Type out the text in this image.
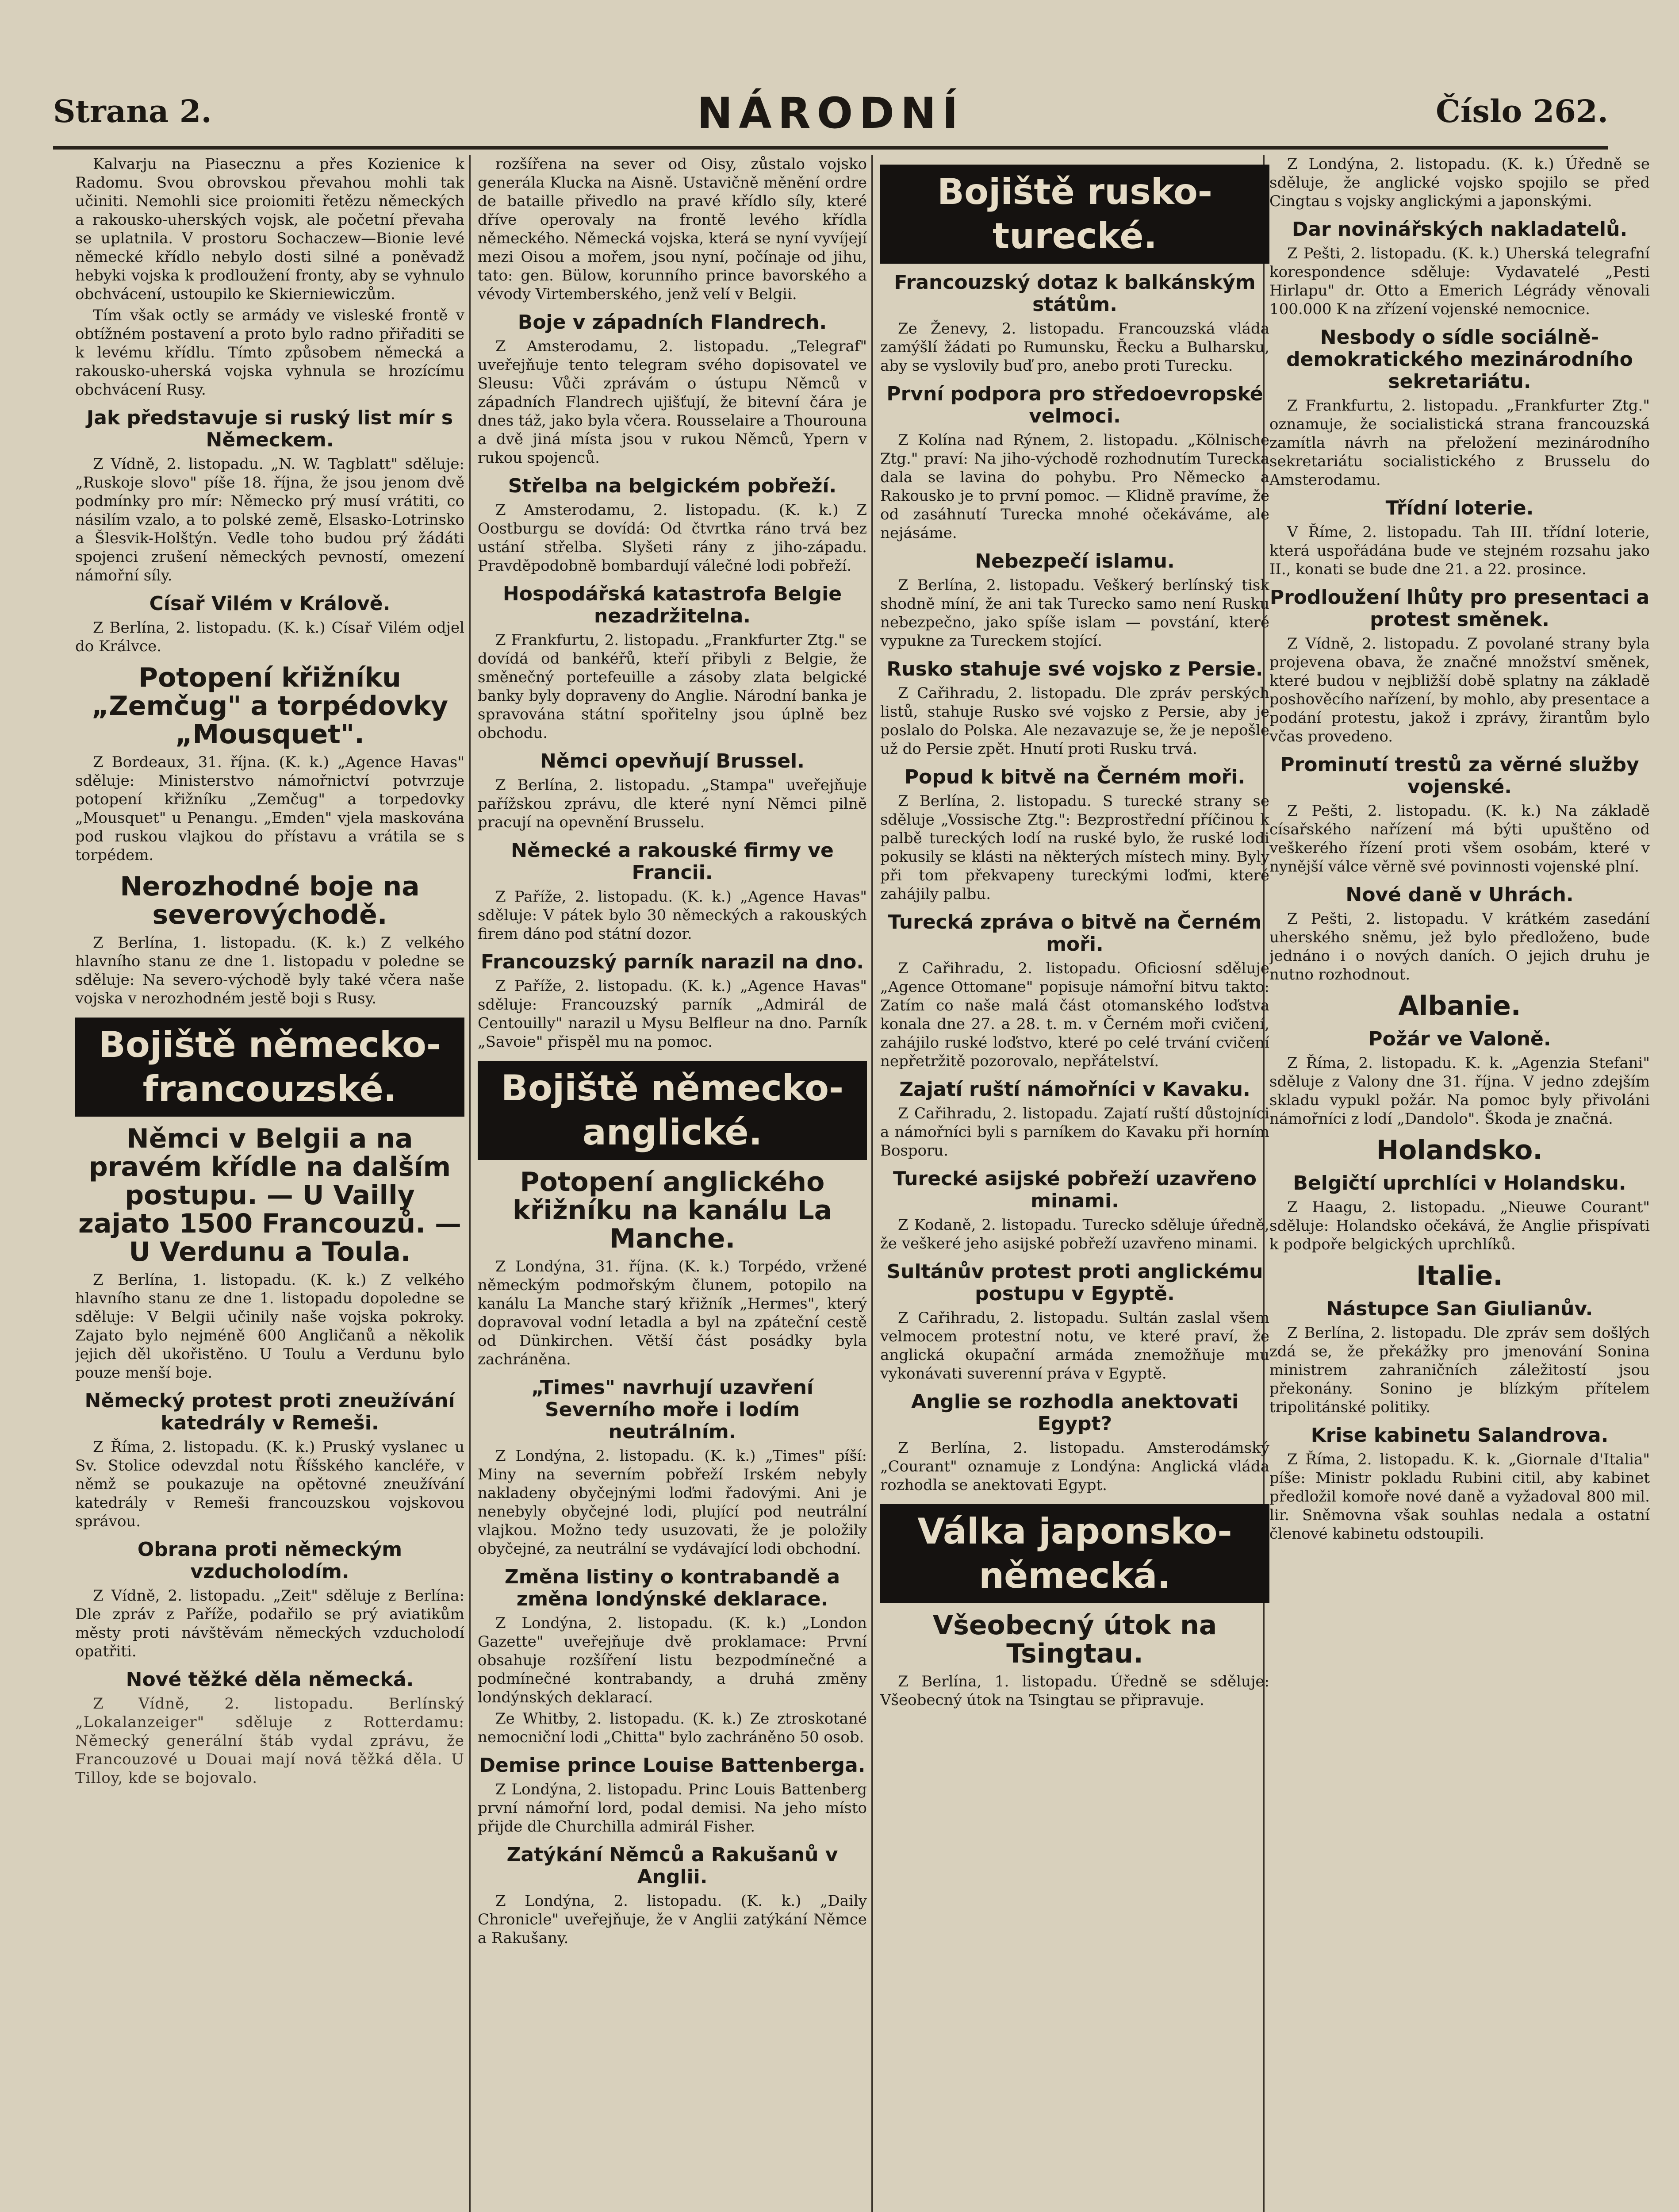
Strana 2.	NÁRODNÍ	Číslo 262.

Kalvarju na Piasecznu a přes Kozienice k Radomu. Svou obrovskou převahou mohli tak učiniti. Nemohli sice proiomiti řetězu německých a rakousko-uherských vojsk, ale početní převaha se uplatnila. V prostoru Sochaczew—Bionie levé německé křídlo nebylo dosti silné a poněvadž hebyki vojska k prodloužení fronty, aby se vyhnulo obchvácení, ustoupilo ke Skierniewiczům.

Tím však octly se armády ve visleské frontě v obtížném postavení a proto bylo radno přiřaditi se k levému křídlu. Tímto způsobem německá a rakousko-uherská vojska vyhnula se hrozícímu obchvácení Rusy.

Jak představuje si ruský list mír s Německem.

Z Vídně, 2. listopadu. „N. W. Tagblatt" sděluje: „Ruskoje slovo" píše 18. října, že jsou jenom dvě podmínky pro mír: Německo prý musí vrátiti, co násilím vzalo, a to polské země, Elsasko-Lotrinsko a Šlesvik-Holštýn. Vedle toho budou prý žádáti spojenci zrušení německých pevností, omezení námořní síly.

Císař Vilém v Králově.

Z Berlína, 2. listopadu. (K. k.) Císař Vilém odjel do Králvce.

Potopení křižníku „Zemčug" a torpédovky „Mousquet".

Z Bordeaux, 31. října. (K. k.) „Agence Havas" sděluje: Ministerstvo námořnictví potvrzuje potopení křižníku „Zemčug" a torpedovky „Mousquet" u Penangu. „Emden" vjela maskována pod ruskou vlajkou do přístavu a vrátila se s torpédem.

Nerozhodné boje na severovýchodě.

Z Berlína, 1. listopadu. (K. k.) Z velkého hlavního stanu ze dne 1. listopadu v poledne se sděluje: Na severo-východě byly také včera naše vojska v nerozhodném jestě boji s Rusy.

Bojiště německo-francouzské.
Němci v Belgii a na pravém křídle na dalším postupu. — U Vailly zajato 1500 Francouzů. — U Verdunu a Toula.

Z Berlína, 1. listopadu. (K. k.) Z velkého hlavního stanu ze dne 1. listopadu dopoledne se sděluje: V Belgii učinily naše vojska pokroky. Zajato bylo nejméně 600 Angličanů a několik jejich děl ukořistěno. U Toulu a Verdunu bylo pouze menší boje.

Německý protest proti zneužívání katedrály v Remeši.

Z Říma, 2. listopadu. (K. k.) Pruský vyslanec u Sv. Stolice odevzdal notu Říšského kancléře, v němž se poukazuje na opětovné zneužívání katedrály v Remeši francouzskou vojskovou správou.

Obrana proti německým vzducholodím.

Z Vídně, 2. listopadu. „Zeit" sděluje z Berlína: Dle zpráv z Paříže, podařilo se prý aviatikům městy proti návštěvám německých vzducholodí opatřiti.

Nové těžké děla německá.

Z Vídně, 2. listopadu. Berlínský „Lokalanzeiger" sděluje z Rotterdamu: Německý generální štáb vydal zprávu, že Francouzové u Douai mají nová těžká děla. U Tilloy, kde se bojovalo.

rozšířena na sever od Oisy, zůstalo vojsko generála Klucka na Aisně. Ustavičně měnění ordre de bataille přivedlo na pravé křídlo síly, které dříve operovaly na frontě levého křídla německého. Německá vojska, která se nyní vyvíjejí mezi Oisou a mořem, jsou nyní, počínaje od jihu, tato: gen. Bülow, korunního prince bavorského a vévody Virtemberského, jenž velí v Belgii.

Boje v západních Flandrech.

Z Amsterodamu, 2. listopadu. „Telegraf" uveřejňuje tento telegram svého dopisovatel ve Sleusu: Vůči zprávám o ústupu Němců v západních Flandrech ujišťují, že bitevní čára je dnes táž, jako byla včera. Rousselaire a Thourouna a dvě jiná místa jsou v rukou Němců, Ypern v rukou spojenců.

Střelba na belgickém pobřeží.

Z Amsterodamu, 2. listopadu. (K. k.) Z Oostburgu se dovídá: Od čtvrtka ráno trvá bez ustání střelba. Slyšeti rány z jiho-západu. Pravděpodobně bombardují válečné lodi pobřeží.

Hospodářská katastrofa Belgie nezadržitelna.

Z Frankfurtu, 2. listopadu. „Frankfurter Ztg." se dovídá od bankéřů, kteří přibyli z Belgie, že směnečný portefeuille a zásoby zlata belgické banky byly dopraveny do Anglie. Národní banka je spravována státní spořitelny jsou úplně bez obchodu.

Němci opevňují Brussel.

Z Berlína, 2. listopadu. „Stampa" uveřejňuje pařížskou zprávu, dle které nyní Němci pilně pracují na opevnění Brusselu.

Německé a rakouské firmy ve Francii.

Z Paříže, 2. listopadu. (K. k.) „Agence Havas" sděluje: V pátek bylo 30 německých a rakouských firem dáno pod státní dozor.

Francouzský parník narazil na dno.

Z Paříže, 2. listopadu. (K. k.) „Agence Havas" sděluje: Francouzský parník „Admirál de Centouilly" narazil u Mysu Belfleur na dno. Parník „Savoie" přispěl mu na pomoc.

Bojiště německo-anglické.
Potopení anglického křižníku na kanálu La Manche.

Z Londýna, 31. října. (K. k.) Torpédo, vržené německým podmořským člunem, potopilo na kanálu La Manche starý křižník „Hermes", který dopravoval vodní letadla a byl na zpáteční cestě od Dünkirchen. Větší část posádky byla zachráněna.

„Times" navrhují uzavření Severního moře i lodím neutrálním.

Z Londýna, 2. listopadu. (K. k.) „Times" píší: Miny na severním pobřeží Irském nebyly nakladeny obyčejnými loďmi řadovými. Ani je nenebyly obyčejné lodi, plující pod neutrální vlajkou. Možno tedy usuzovati, že je položily obyčejné, za neutrální se vydávající lodi obchodní.

Změna listiny o kontrabandě a změna londýnské deklarace.

Z Londýna, 2. listopadu. (K. k.) „London Gazette" uveřejňuje dvě proklamace: První obsahuje rozšíření listu bezpodmínečné a podmínečné kontrabandy, a druhá změny londýnských deklarací.

Ze Whitby, 2. listopadu. (K. k.) Ze ztroskotané nemocniční lodi „Chitta" bylo zachráněno 50 osob.

Demise prince Louise Battenberga.

Z Londýna, 2. listopadu. Princ Louis Battenberg první námořní lord, podal demisi. Na jeho místo přijde dle Churchilla admirál Fisher.

Zatýkání Němců a Rakušanů v Anglii.

Z Londýna, 2. listopadu. (K. k.) „Daily Chronicle" uveřejňuje, že v Anglii zatýkání Němce a Rakušany.

Bojiště rusko-turecké.
Francouzský dotaz k balkánským státům.

Ze Ženevy, 2. listopadu. Francouzská vláda zamýšlí žádati po Rumunsku, Řecku a Bulharsku, aby se vyslovily buď pro, anebo proti Turecku.

První podpora pro středoevropské velmoci.

Z Kolína nad Rýnem, 2. listopadu. „Kölnische Ztg." praví: Na jiho-východě rozhodnutím Turecka dala se lavina do pohybu. Pro Německo a Rakousko je to první pomoc. — Klidně pravíme, že od zasáhnutí Turecka mnohé očekáváme, ale nejásáme.

Nebezpečí islamu.

Z Berlína, 2. listopadu. Veškerý berlínský tisk shodně míní, že ani tak Turecko samo není Rusku nebezpečno, jako spíše islam — povstání, které vypukne za Tureckem stojící.

Rusko stahuje své vojsko z Persie.

Z Cařihradu, 2. listopadu. Dle zpráv perských listů, stahuje Rusko své vojsko z Persie, aby je poslalo do Polska. Ale nezavazuje se, že je nepošle už do Persie zpět. Hnutí proti Rusku trvá.

Popud k bitvě na Černém moři.

Z Berlína, 2. listopadu. S turecké strany se sděluje „Vossische Ztg.": Bezprostřední příčinou k palbě tureckých lodí na ruské bylo, že ruské lodi pokusily se klásti na některých místech miny. Byly při tom překvapeny tureckými loďmi, které zahájily palbu.

Turecká zpráva o bitvě na Černém moři.

Z Cařihradu, 2. listopadu. Oficiosní sděluje „Agence Ottomane" popisuje námořní bitvu takto: Zatím co naše malá část otomanského loďstva konala dne 27. a 28. t. m. v Černém moři cvičení, zahájilo ruské loďstvo, které po celé trvání cvičení nepřetržitě pozorovalo, nepřátelství.

Zajatí ruští námořníci v Kavaku.

Z Cařihradu, 2. listopadu. Zajatí ruští důstojníci a námořníci byli s parníkem do Kavaku při horním Bosporu.

Turecké asijské pobřeží uzavřeno minami.

Z Kodaně, 2. listopadu. Turecko sděluje úředně, že veškeré jeho asijské pobřeží uzavřeno minami.

Sultánův protest proti anglickému postupu v Egyptě.

Z Cařihradu, 2. listopadu. Sultán zaslal všem velmocem protestní notu, ve které praví, že anglická okupační armáda znemožňuje mu vykonávati suverenní práva v Egyptě.

Anglie se rozhodla anektovati Egypt?

Z Berlína, 2. listopadu. Amsterodámský „Courant" oznamuje z Londýna: Anglická vláda rozhodla se anektovati Egypt.

Válka japonsko-německá.
Všeobecný útok na Tsingtau.

Z Berlína, 1. listopadu. Úředně se sděluje: Všeobecný útok na Tsingtau se připravuje.

Z Londýna, 2. listopadu. (K. k.) Úředně se sděluje, že anglické vojsko spojilo se před Cingtau s vojsky anglickými a japonskými.

Dar novinářských nakladatelů.

Z Pešti, 2. listopadu. (K. k.) Uherská telegrafní korespondence sděluje: Vydavatelé „Pesti Hirlapu" dr. Otto a Emerich Légrády věnovali 100.000 K na zřízení vojenské nemocnice.

Nesbody o sídle sociálně-demokratického mezinárodního sekretariátu.

Z Frankfurtu, 2. listopadu. „Frankfurter Ztg." oznamuje, že socialistická strana francouzská zamítla návrh na přeložení mezinárodního sekretariátu socialistického z Brusselu do Amsterodamu.

Třídní loterie.

V Říme, 2. listopadu. Tah III. třídní loterie, která uspořádána bude ve stejném rozsahu jako II., konati se bude dne 21. a 22. prosince.

Prodloužení lhůty pro presentaci a protest směnek.

Z Vídně, 2. listopadu. Z povolané strany byla projevena obava, že značné množství směnek, které budou v nejbližší době splatny na základě poshověcího nařízení, by mohlo, aby presentace a podání protestu, jakož i zprávy, žirantům bylo včas provedeno.

Prominutí trestů za věrné služby vojenské.

Z Pešti, 2. listopadu. (K. k.) Na základě císařského nařízení má býti upuštěno od veškerého řízení proti všem osobám, které v nynější válce věrně své povinnosti vojenské plní.

Nové daně v Uhrách.

Z Pešti, 2. listopadu. V krátkém zasedání uherského sněmu, jež bylo předloženo, bude jednáno i o nových daních. O jejich druhu je nutno rozhodnout.

Albanie.
Požár ve Valoně.

Z Říma, 2. listopadu. K. k. „Agenzia Stefani" sděluje z Valony dne 31. října. V jedno zdejším skladu vypukl požár. Na pomoc byly přivoláni námořníci z lodí „Dandolo". Škoda je značná.

Holandsko.
Belgičtí uprchlíci v Holandsku.

Z Haagu, 2. listopadu. „Nieuwe Courant" sděluje: Holandsko očekává, že Anglie přispívati k podpoře belgických uprchlíků.

Italie.
Nástupce San Giulianův.

Z Berlína, 2. listopadu. Dle zpráv sem došlých zdá se, že překážky pro jmenování Sonina ministrem zahraničních záležitostí jsou překonány. Sonino je blízkým přítelem tripolitánské politiky.

Krise kabinetu Salandrova.

Z Říma, 2. listopadu. K. k. „Giornale d'Italia" píše: Ministr pokladu Rubini citil, aby kabinet předložil komoře nové daně a vyžadoval 800 mil. lir. Sněmovna však souhlas nedala a ostatní členové kabinetu odstoupili.
